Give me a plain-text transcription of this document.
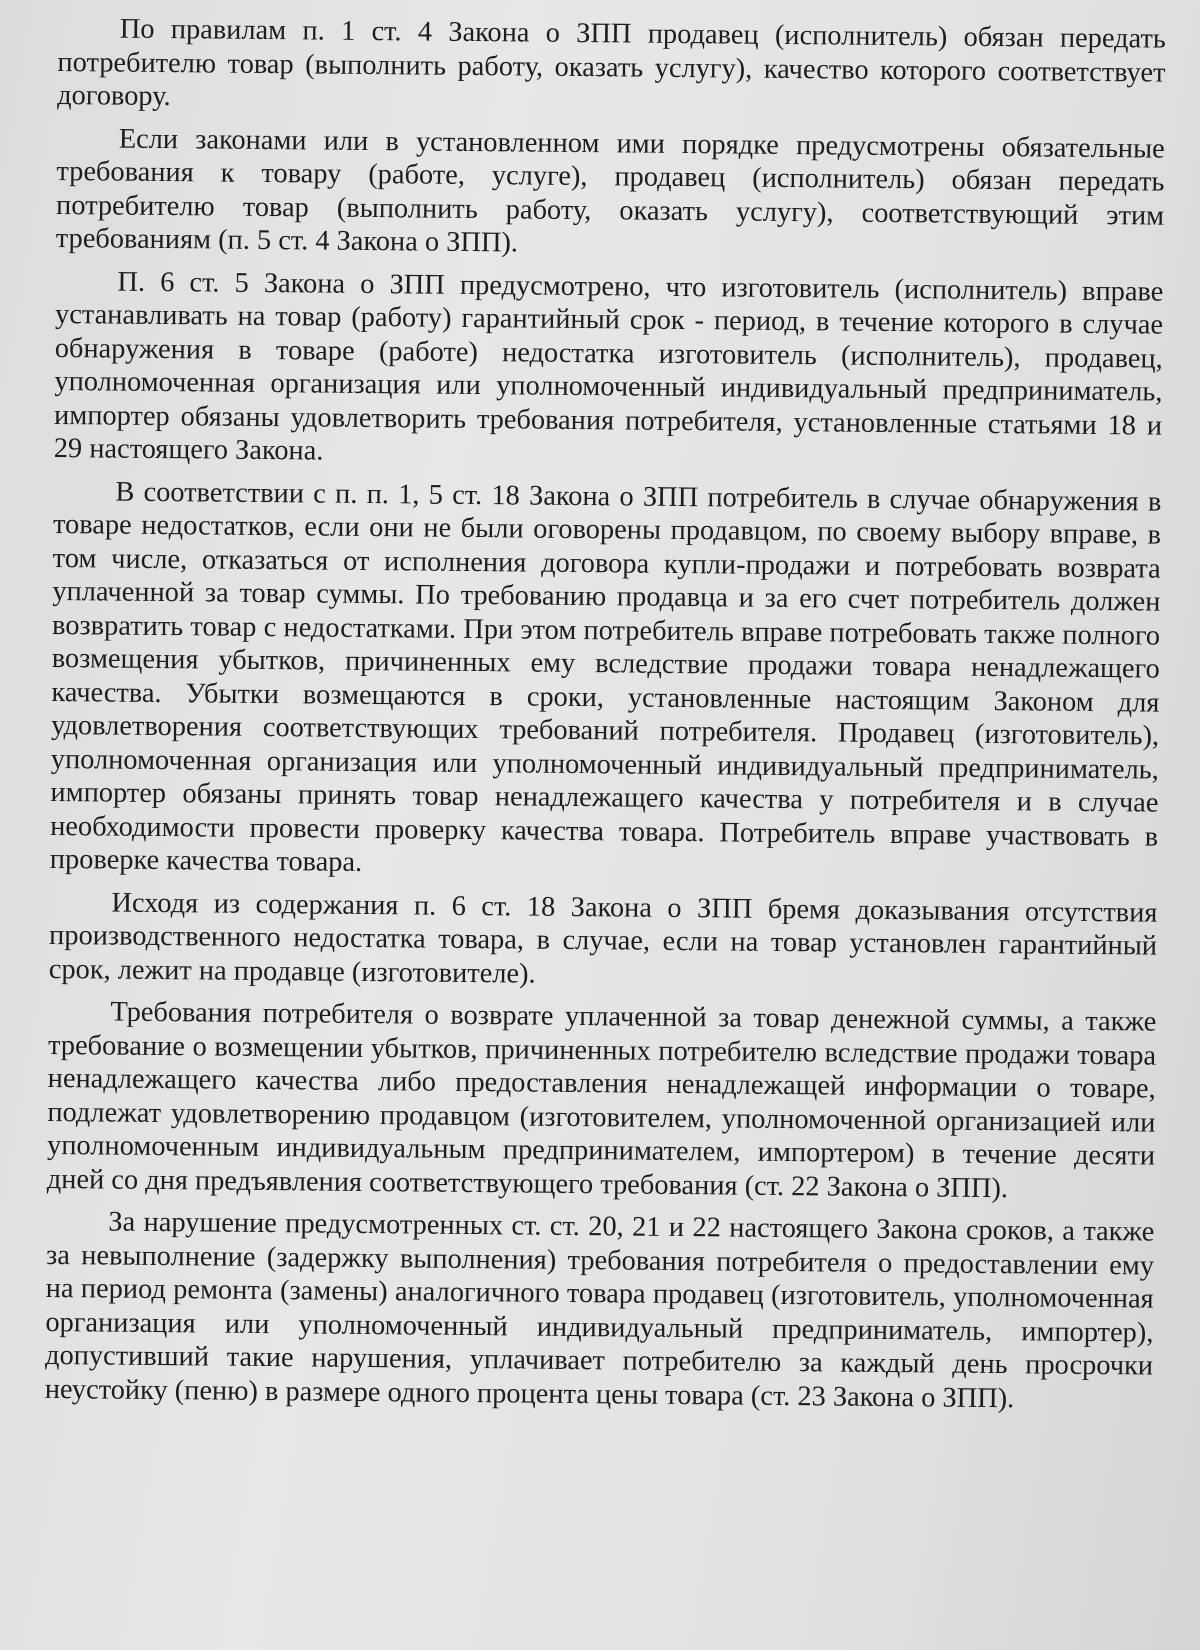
По правилам п. 1 ст. 4 Закона о ЗПП продавец (исполнитель) обязан передать потребителю товар (выполнить работу, оказать услугу), качество которого соответствует договору.

Если законами или в установленном ими порядке предусмотрены обязательные требования к товару (работе, услуге), продавец (исполнитель) обязан передать потребителю товар (выполнить работу, оказать услугу), соответствующий этим требованиям (п. 5 ст. 4 Закона о ЗПП).

П. 6 ст. 5 Закона о ЗПП предусмотрено, что изготовитель (исполнитель) вправе устанавливать на товар (работу) гарантийный срок - период, в течение которого в случае обнаружения в товаре (работе) недостатка изготовитель (исполнитель), продавец, уполномоченная организация или уполномоченный индивидуальный предприниматель, импортер обязаны удовлетворить требования потребителя, установленные статьями 18 и 29 настоящего Закона.

В соответствии с п. п. 1, 5 ст. 18 Закона о ЗПП потребитель в случае обнаружения в товаре недостатков, если они не были оговорены продавцом, по своему выбору вправе, в том числе, отказаться от исполнения договора купли-продажи и потребовать возврата уплаченной за товар суммы. По требованию продавца и за его счет потребитель должен возвратить товар с недостатками. При этом потребитель вправе потребовать также полного возмещения убытков, причиненных ему вследствие продажи товара ненадлежащего качества. Убытки возмещаются в сроки, установленные настоящим Законом для удовлетворения соответствующих требований потребителя. Продавец (изготовитель), уполномоченная организация или уполномоченный индивидуальный предприниматель, импортер обязаны принять товар ненадлежащего качества у потребителя и в случае необходимости провести проверку качества товара. Потребитель вправе участвовать в проверке качества товара.

Исходя из содержания п. 6 ст. 18 Закона о ЗПП бремя доказывания отсутствия производственного недостатка товара, в случае, если на товар установлен гарантийный срок, лежит на продавце (изготовителе).

Требования потребителя о возврате уплаченной за товар денежной суммы, а также требование о возмещении убытков, причиненных потребителю вследствие продажи товара ненадлежащего качества либо предоставления ненадлежащей информации о товаре, подлежат удовлетворению продавцом (изготовителем, уполномоченной организацией или уполномоченным индивидуальным предпринимателем, импортером) в течение десяти дней со дня предъявления соответствующего требования (ст. 22 Закона о ЗПП).

За нарушение предусмотренных ст. ст. 20, 21 и 22 настоящего Закона сроков, а также за невыполнение (задержку выполнения) требования потребителя о предоставлении ему на период ремонта (замены) аналогичного товара продавец (изготовитель, уполномоченная организация или уполномоченный индивидуальный предприниматель, импортер), допустивший такие нарушения, уплачивает потребителю за каждый день просрочки неустойку (пеню) в размере одного процента цены товара (ст. 23 Закона о ЗПП).
